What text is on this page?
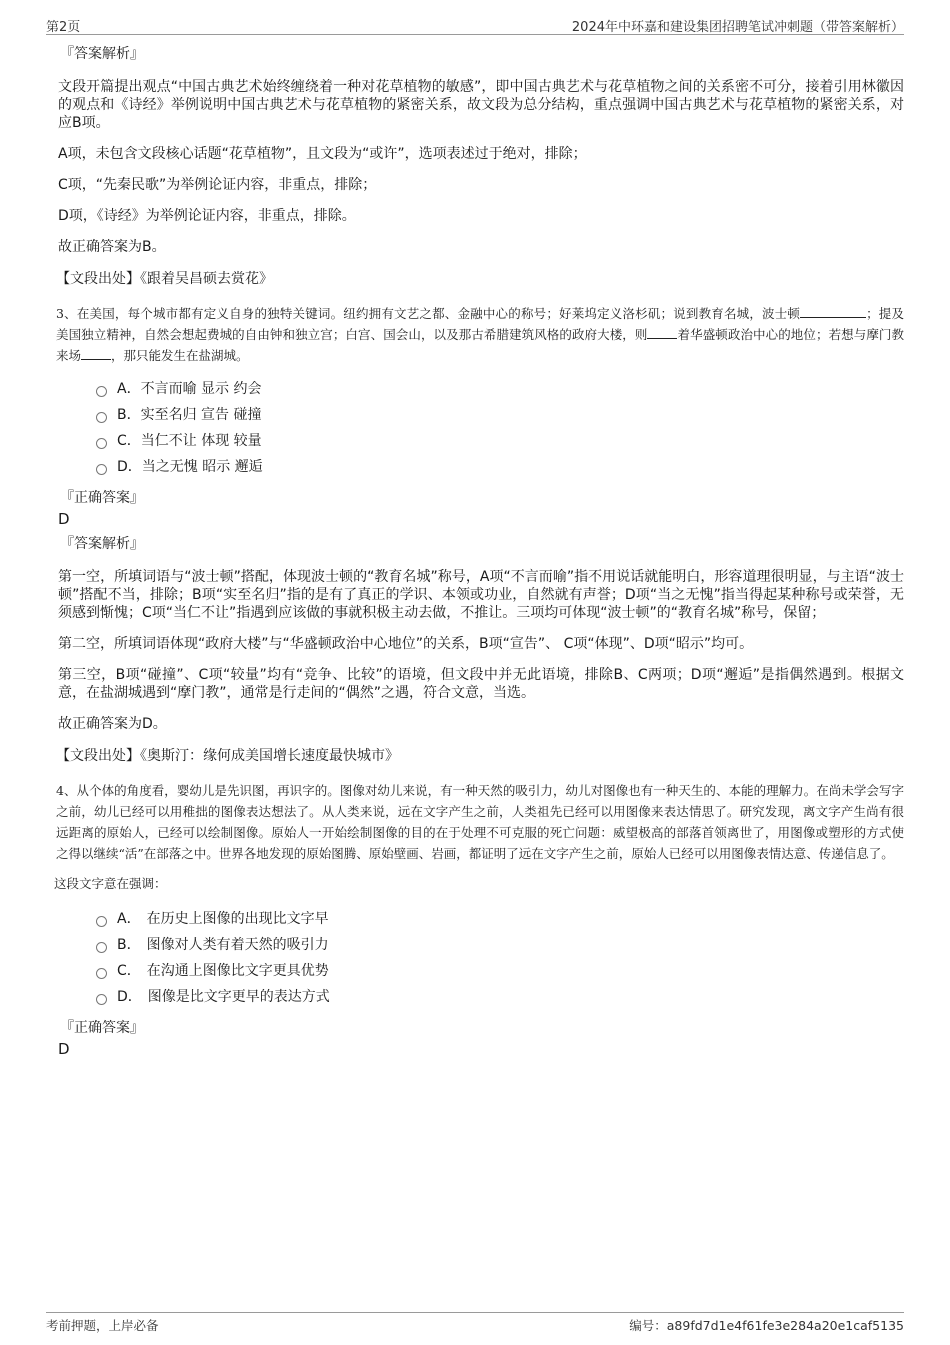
第2页	2024年中环嘉和建设集团招聘笔试冲刺题（带答案解析）
『答案解析』

文段开篇提出观点“中国古典艺术始终缠绕着一种对花草植物的敏感”，即中国古典艺术与花草植物之间的关系密不可分，接着引用林徽因的观点和《诗经》举例说明中国古典艺术与花草植物的紧密关系，故文段为总分结构，重点强调中国古典艺术与花草植物的紧密关系，对应B项。

A项，未包含文段核心话题“花草植物”，且文段为“或许”，选项表述过于绝对，排除；

C项，“先秦民歌”为举例论证内容，非重点，排除；

D项，《诗经》为举例论证内容，非重点，排除。

故正确答案为B。

【文段出处】《跟着吴昌硕去赏花》
3、在美国，每个城市都有定义自身的独特关键词。纽约拥有文艺之都、金融中心的称号；好莱坞定义洛杉矶；说到教育名城，波士顿	；提及美国独立精神，自然会想起费城的自由钟和独立宫；白宫、国会山，以及那古希腊建筑风格的政府大楼，则 着华盛顿政治中心的地位；若想与摩门教来场 ，那只能发生在盐湖城。
A． 不言而喻 显示 约会
B． 实至名归 宣告 碰撞
C． 当仁不让 体现 较量
D． 当之无愧 昭示 邂逅
『正确答案』
D
『答案解析』

第一空，所填词语与“波士顿”搭配，体现波士顿的“教育名城”称号，A项“不言而喻”指不用说话就能明白，形容道理很明显，与主语“波士顿”搭配不当，排除；B项“实至名归”指的是有了真正的学识、本领或功业，自然就有声誉；D项“当之无愧”指当得起某种称号或荣誉，无须感到惭愧；C项“当仁不让”指遇到应该做的事就积极主动去做，不推让。三项均可体现“波士顿”的“教育名城”称号，保留；

第二空，所填词语体现“政府大楼”与“华盛顿政治中心地位”的关系，B项“宣告”、 C项“体现”、D项“昭示”均可。

第三空，B项“碰撞”、C项“较量”均有“竞争、比较”的语境，但文段中并无此语境，排除B、C两项；D项“邂逅”是指偶然遇到。根据文意，在盐湖城遇到“摩门教”，通常是行走间的“偶然”之遇，符合文意，当选。

故正确答案为D。

【文段出处】《奥斯汀：缘何成美国增长速度最快城市》
4、从个体的角度看，婴幼儿是先识图，再识字的。图像对幼儿来说，有一种天然的吸引力，幼儿对图像也有一种天生的、本能的理解力。在尚未学会写字之前，幼儿已经可以用稚拙的图像表达想法了。从人类来说，远在文字产生之前，人类祖先已经可以用图像来表达情思了。研究发现，离文字产生尚有很远距离的原始人，已经可以绘制图像。原始人一开始绘制图像的目的在于处理不可克服的死亡问题：威望极高的部落首领离世了，用图像或塑形的方式使之得以继续“活”在部落之中。世界各地发现的原始图腾、原始壁画、岩画，都证明了远在文字产生之前，原始人已经可以用图像表情达意、传递信息了。
这段文字意在强调：
A． 在历史上图像的出现比文字早
B． 图像对人类有着天然的吸引力
C． 在沟通上图像比文字更具优势
D． 图像是比文字更早的表达方式
『正确答案』
D
考前押题，上岸必备	编号：a89fd7d1e4f61fe3e284a20e1caf5135
